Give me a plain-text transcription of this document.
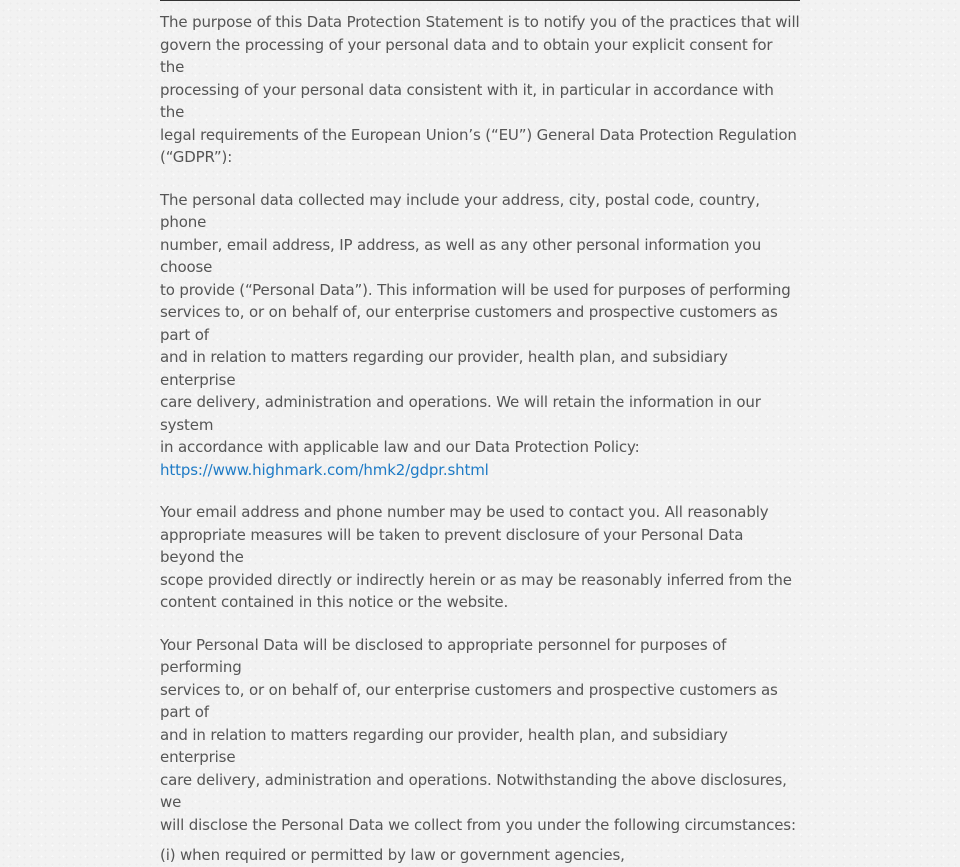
The purpose of this Data Protection Statement is to notify you of the practices that will
govern the processing of your personal data and to obtain your explicit consent for the
processing of your personal data consistent with it, in particular in accordance with the
legal requirements of the European Union’s (“EU”) General Data Protection Regulation
(“GDPR”):

The personal data collected may include your address, city, postal code, country, phone
number, email address, IP address, as well as any other personal information you choose
to provide (“Personal Data”). This information will be used for purposes of performing
services to, or on behalf of, our enterprise customers and prospective customers as part of
and in relation to matters regarding our provider, health plan, and subsidiary enterprise
care delivery, administration and operations. We will retain the information in our system
in accordance with applicable law and our Data Protection Policy:

https://www.highmark.com/hmk2/gdpr.shtml

Your email address and phone number may be used to contact you. All reasonably
appropriate measures will be taken to prevent disclosure of your Personal Data beyond the
scope provided directly or indirectly herein or as may be reasonably inferred from the
content contained in this notice or the website.

Your Personal Data will be disclosed to appropriate personnel for purposes of performing
services to, or on behalf of, our enterprise customers and prospective customers as part of
and in relation to matters regarding our provider, health plan, and subsidiary enterprise
care delivery, administration and operations. Notwithstanding the above disclosures, we
will disclose the Personal Data we collect from you under the following circumstances:

(i) when required or permitted by law or government agencies,
